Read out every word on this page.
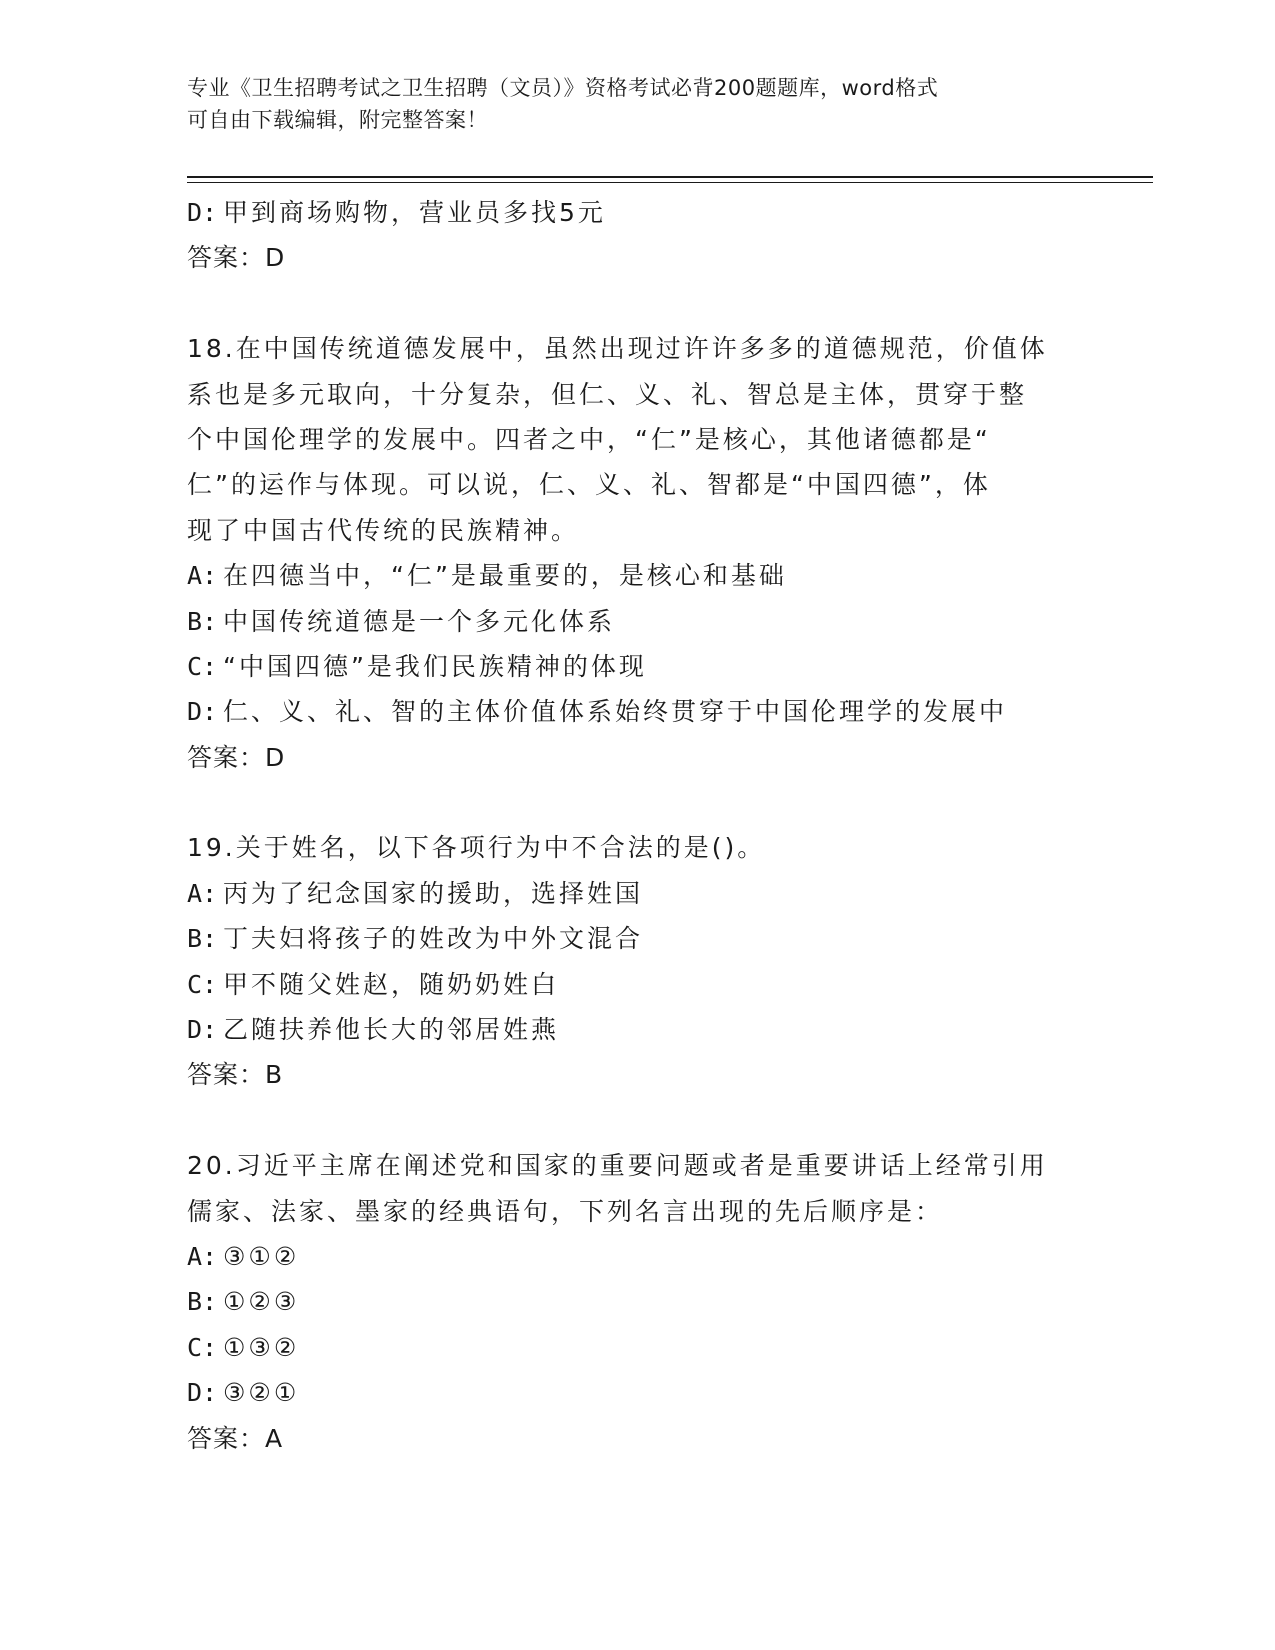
专业《卫生招聘考试之卫生招聘（文员）》资格考试必背200题题库，word格式
可自由下载编辑，附完整答案！
D: 甲到商场购物，营业员多找5元
答案：D
18.在中国传统道德发展中，虽然出现过许许多多的道德规范，价值体
系也是多元取向，十分复杂，但仁、义、礼、智总是主体，贯穿于整
个中国伦理学的发展中。四者之中，“仁”是核心，其他诸德都是“
仁”的运作与体现。可以说，仁、义、礼、智都是“中国四德”，体
现了中国古代传统的民族精神。
A: 在四德当中，“仁”是最重要的，是核心和基础
B: 中国传统道德是一个多元化体系
C: “中国四德”是我们民族精神的体现
D: 仁、义、礼、智的主体价值体系始终贯穿于中国伦理学的发展中
答案：D
19.关于姓名，以下各项行为中不合法的是()。
A: 丙为了纪念国家的援助，选择姓国
B: 丁夫妇将孩子的姓改为中外文混合
C: 甲不随父姓赵，随奶奶姓白
D: 乙随扶养他长大的邻居姓燕
答案：B
20.习近平主席在阐述党和国家的重要问题或者是重要讲话上经常引用
儒家、法家、墨家的经典语句，下列名言出现的先后顺序是：
A: ③①②
B: ①②③
C: ①③②
D: ③②①
答案：A
